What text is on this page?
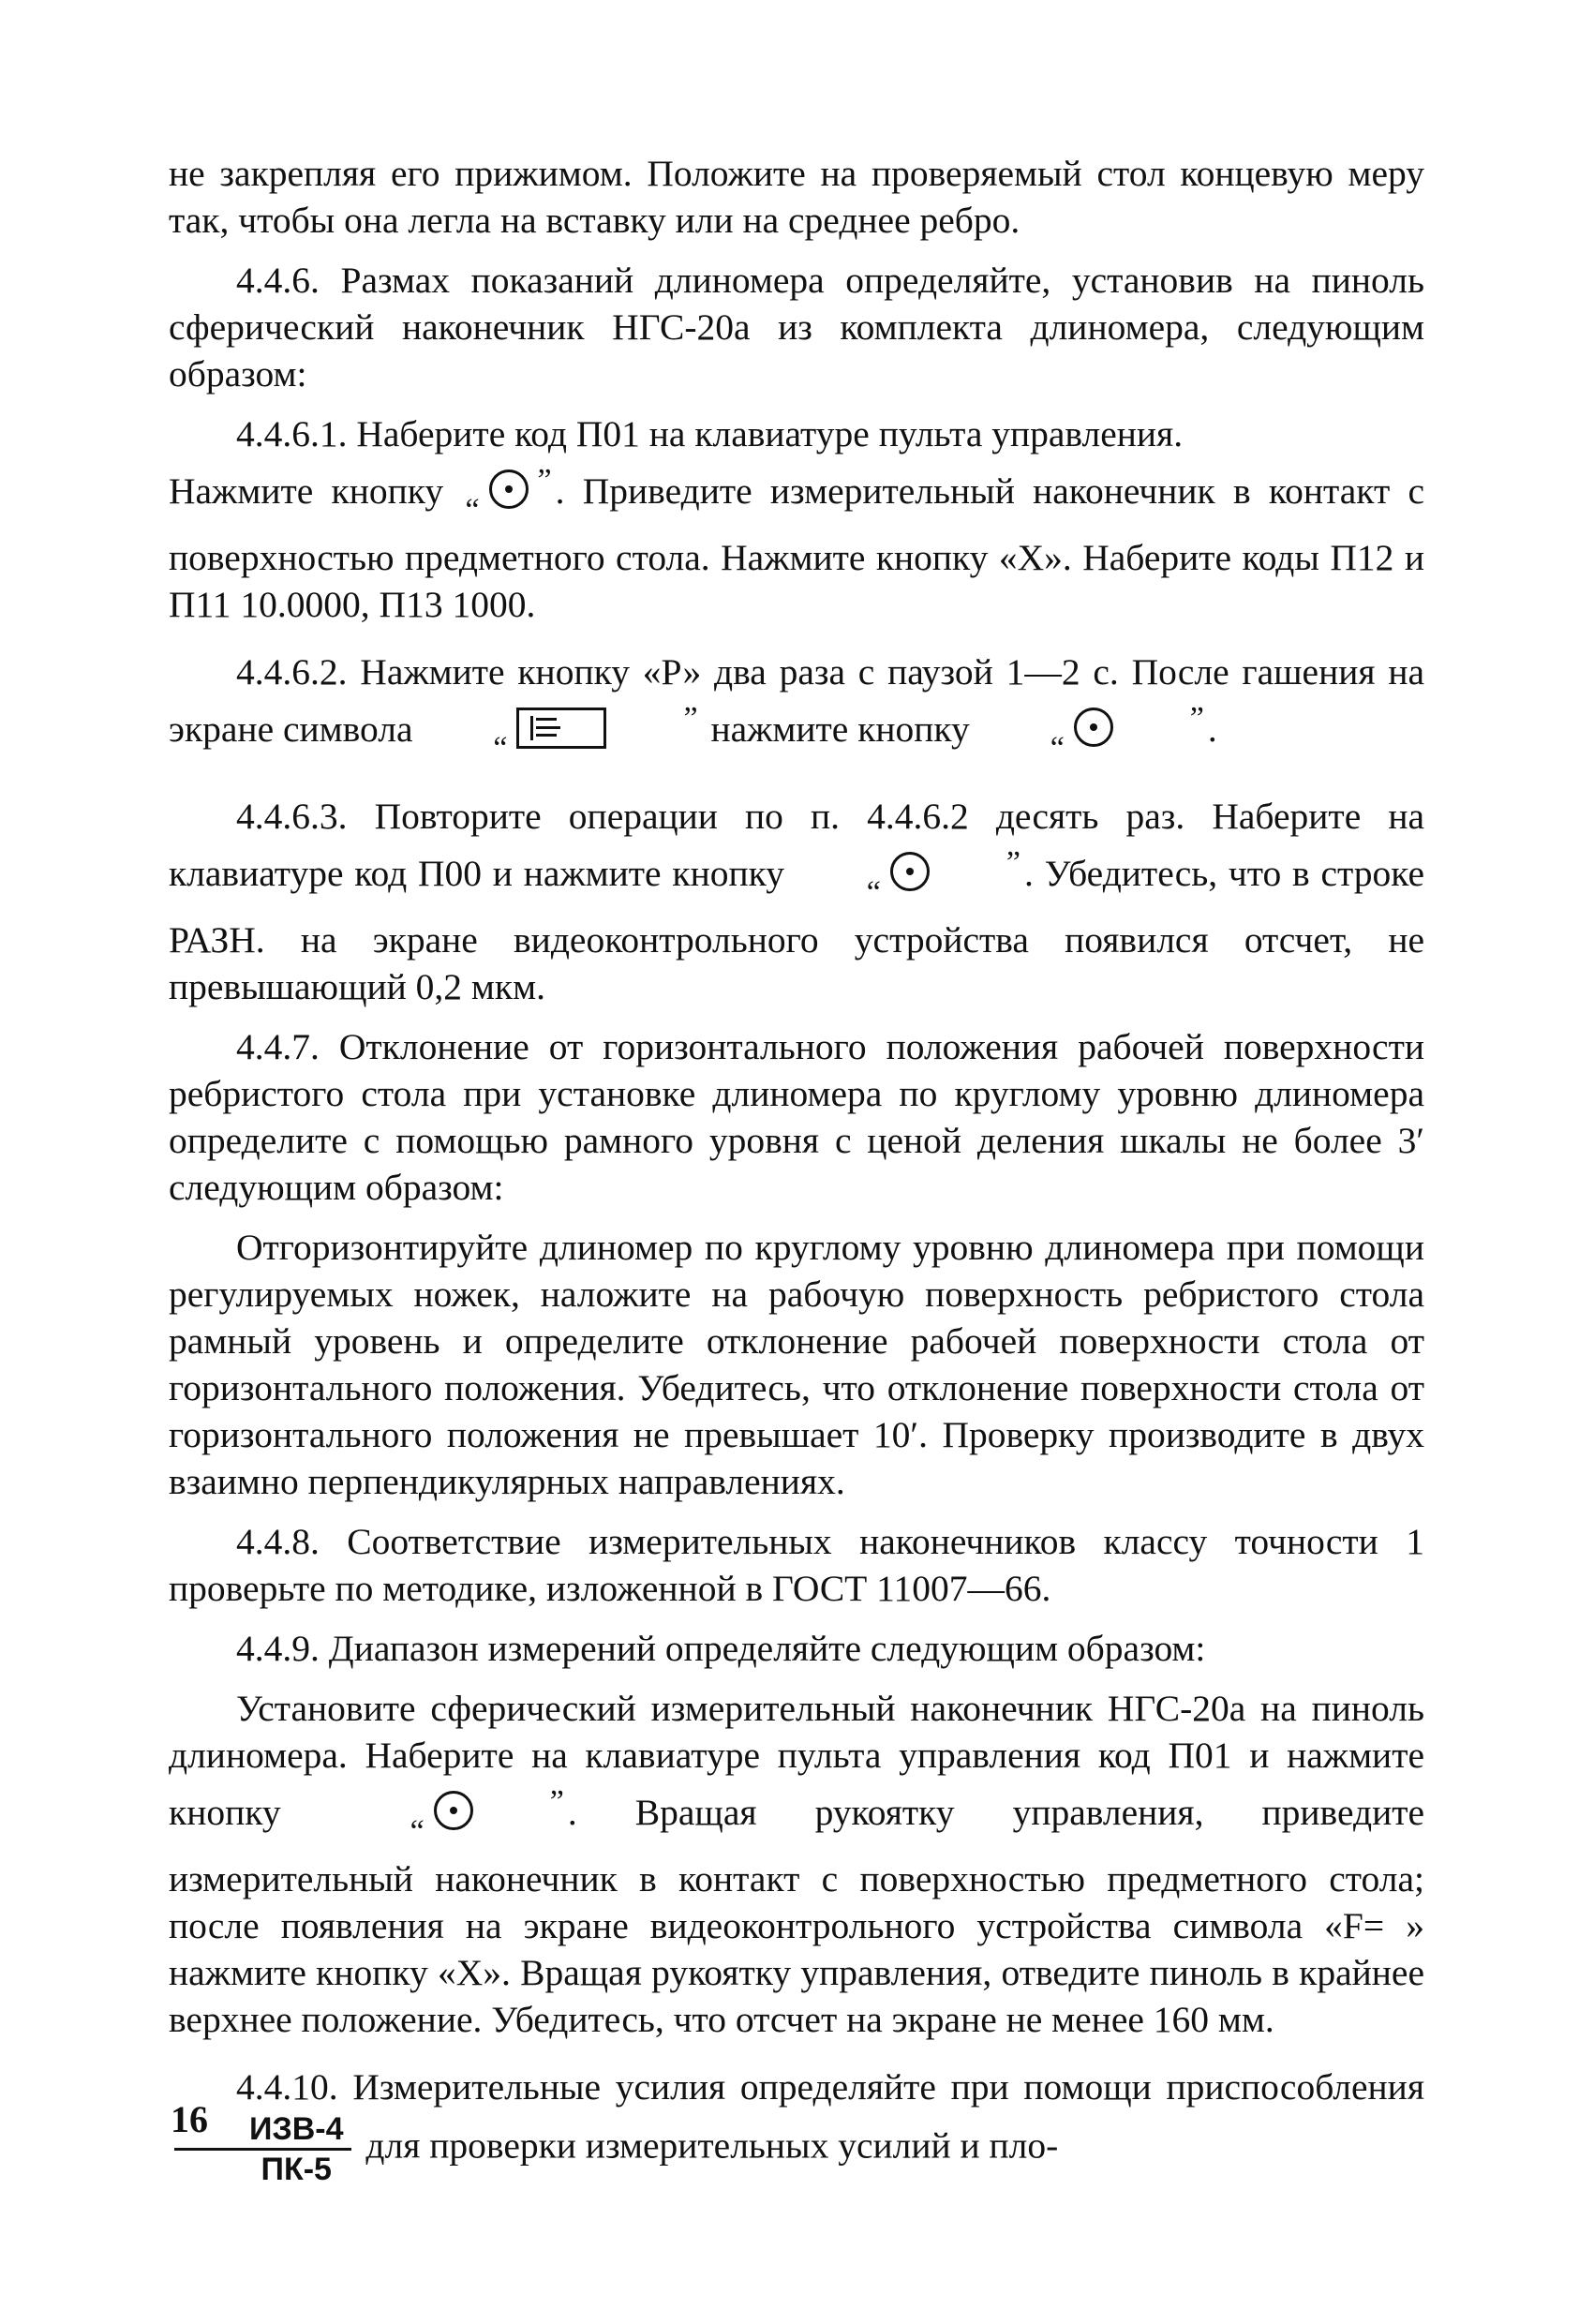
не закрепляя его прижимом. Положите на проверяемый стол концевую меру так, чтобы она легла на вставку или на среднее ребро.
4.4.6. Размах показаний длиномера определяйте, установив на пиноль сферический наконечник НГС-20а из комплекта длиномера, следующим образом:
4.4.6.1. Наберите код П01 на клавиатуре пульта управления.
Нажмите кнопку “” . Приведите измерительный наконечник в контакт с поверхностью предметного стола. Нажмите кнопку «X». Наберите коды П12 и П11 10.0000, П13 1000.
4.4.6.2. Нажмите кнопку «Р» два раза с паузой 1—2 с. После гашения на экране символа	“
” нажмите кнопку	“” .
4.4.6.3. Повторите операции по п. 4.4.6.2 десять раз. Наберите на клавиатуре код П00 и нажмите кнопку	“” . Убедитесь, что в строке РАЗН. на экране видеоконтрольного устройства появился отсчет, не превышающий 0,2 мкм.
4.4.7. Отклонение от горизонтального положения рабочей поверхности ребристого стола при установке длиномера по круглому уровню длиномера определите с помощью рамного уровня с ценой деления шкалы не более 3′ следующим образом:
Отгоризонтируйте длиномер по круглому уровню длиномера при помощи регулируемых ножек, наложите на рабочую поверхность ребристого стола рамный уровень и определите отклонение рабочей поверхности стола от горизонтального положения. Убедитесь, что отклонение поверхности стола от горизонтального положения не превышает 10′. Проверку производите в двух взаимно перпендикулярных направлениях.
4.4.8. Соответствие измерительных наконечников классу точности 1 проверьте по методике, изложенной в ГОСТ 11007—66.
4.4.9. Диапазон измерений определяйте следующим образом:
Установите сферический измерительный наконечник НГС-20а на пиноль длиномера. Наберите на клавиатуре пульта управления код П01 и нажмите кнопку	“” . Вращая рукоятку управления, приведите измерительный наконечник в контакт с поверхностью предметного стола; после появления на экране видеоконтрольного устройства символа «F= » нажмите кнопку «X». Вращая рукоятку управления, отведите пиноль в крайнее верхнее положение. Убедитесь, что отсчет на экране не менее 160 мм.
4.4.10. Измерительные усилия определяйте при помощи приспособления
$\frac{\text{ИЗВ-4}}{ПК-5}$ для проверки измерительных усилий и пло-
16
